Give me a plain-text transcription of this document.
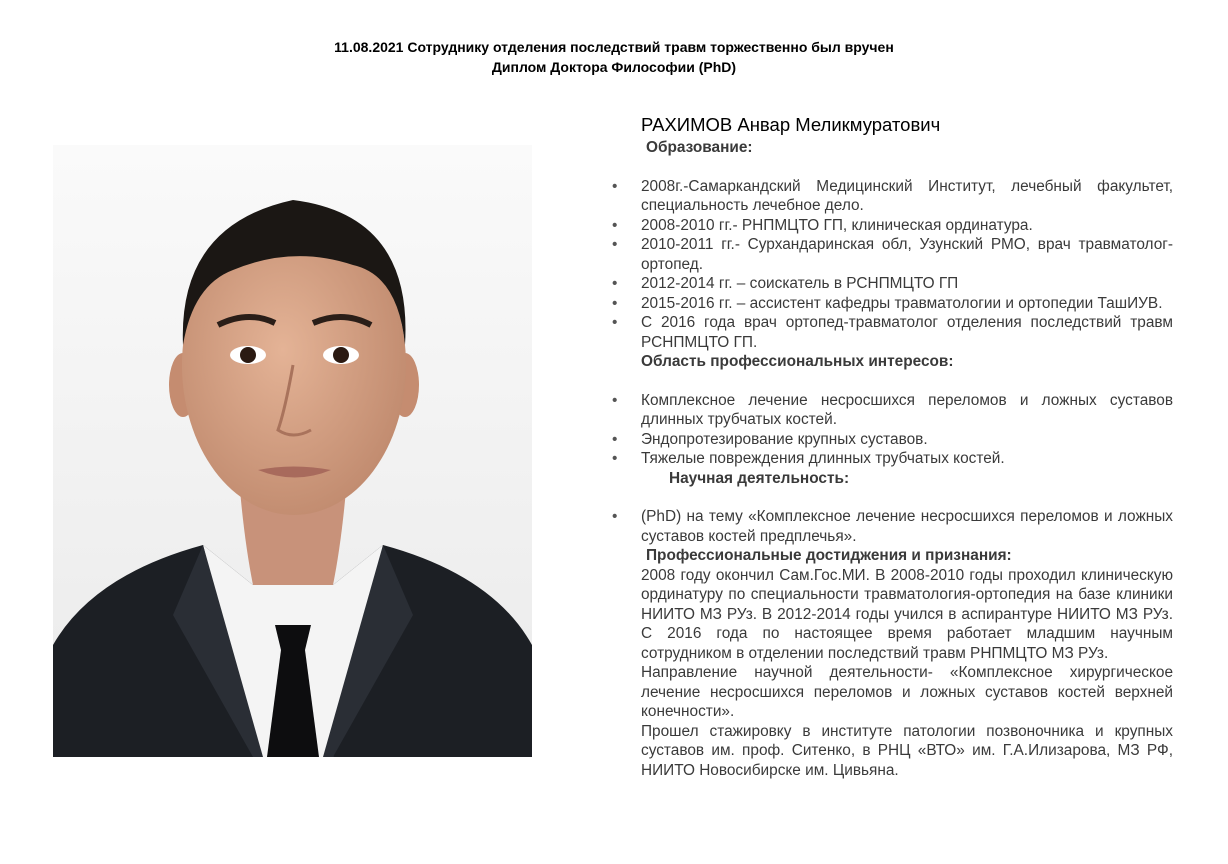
11.08.2021 Сотруднику отделения последствий травм торжественно был вручен
Диплом Доктора Философии (PhD)
РАХИМОВ Анвар Меликмуратович
Образование:
• 2008г.-Самаркандский Медицинский Институт, лечебный факультет, специальность лечебное дело.
• 2008-2010 гг.- РНПМЦТО ГП, клиническая ординатура.
• 2010-2011 гг.- Сурхандаринская обл, Узунский РМО, врач травматолог-ортопед.
• 2012-2014 гг. – соискатель в РСНПМЦТО ГП
• 2015-2016 гг. – ассистент кафедры травматологии и ортопедии ТашИУВ.
• С 2016 года врач ортопед-травматолог отделения последствий травм РСНПМЦТО ГП.
Область профессиональных интересов:
• Комплексное лечение несросшихся переломов и ложных суставов длинных трубчатых костей.
• Эндопротезирование крупных суставов.
• Тяжелые повреждения длинных трубчатых костей.
Научная деятельность:
• (PhD) на тему «Комплексное лечение несросшихся переломов и ложных суставов костей предплечья».
Профессиональные достиджения и признания:
2008 году окончил Сам.Гос.МИ. В 2008-2010 годы проходил клиническую ординатуру по специальности травматология-ортопедия на базе клиники НИИТО МЗ РУз. В 2012-2014 годы учился в аспирантуре НИИТО МЗ РУз. С 2016 года по настоящее время работает младшим научным сотрудником в отделении последствий травм РНПМЦТО МЗ РУз.
Направление научной деятельности- «Комплексное хирургическое лечение несросшихся переломов и ложных суставов костей верхней конечности».
Прошел стажировку в институте патологии позвоночника и крупных суставов им. проф. Ситенко, в РНЦ «ВТО» им. Г.А.Илизарова, МЗ РФ, НИИТО Новосибирске им. Цивьяна.
